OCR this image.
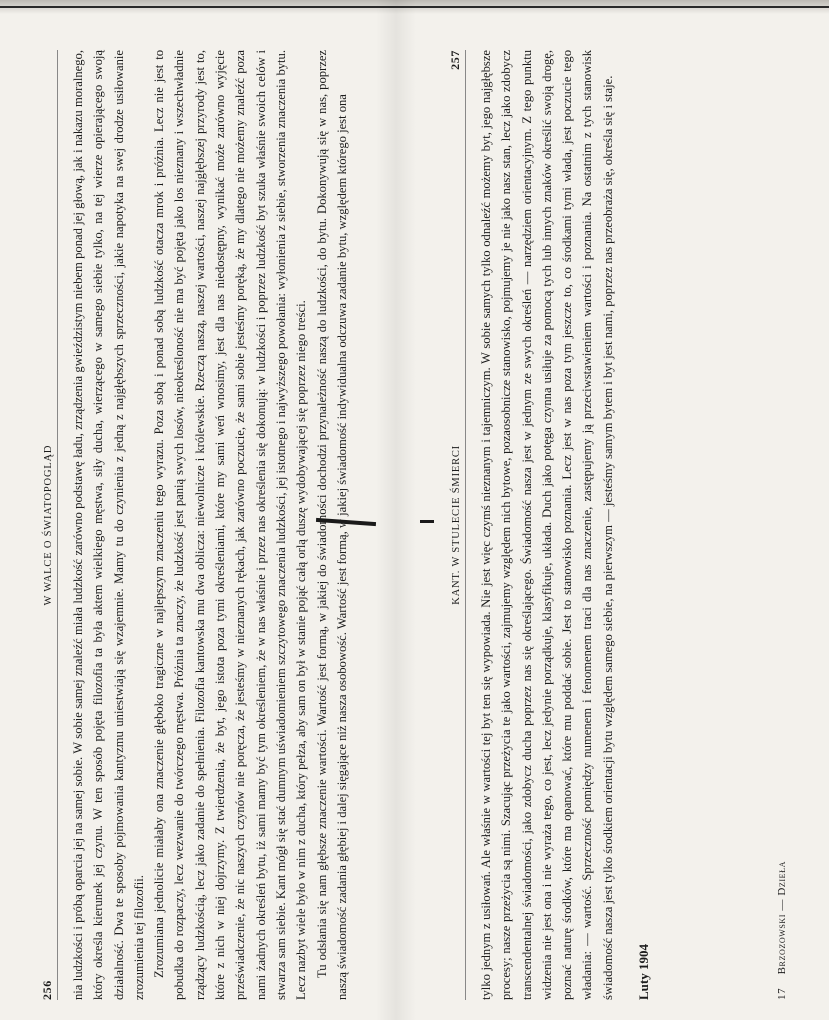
256
W WALCE O ŚWIATOPOGLĄD nia ludzkości i próbą oparcia jej na samej sobie. W sobie samej znaleźć miała ludzkość zarówno podstawę ładu, zrządzenia gwieździstym niebem ponad jej głową, jak i nakazu moralnego, który określa kierunek jej czynu. W ten sposób pojęta filozofia ta była aktem wielkiego męstwa, siły ducha, wierzącego w samego siebie tylko, na tej wierze opierającego swoją działalność. Dwa te sposoby pojmowania kantyzmu uniestwiają się wzajemnie. Mamy tu do czynienia z jedną z najgłębszych sprzeczności, jakie napotyka na swej drodze usiłowanie zrozumienia tej filozofii. Zrozumiana jednolicie miałaby ona znaczenie głęboko tragiczne w najlepszym znaczeniu tego wyrazu. Poza sobą i ponad sobą ludzkość otacza mrok i próżnia. Lecz nie jest to pobudka do rozpaczy, lecz wezwanie do twórczego męstwa. Próżnia ta znaczy, że ludzkość jest panią swych losów, nieokreśloność nie ma być pojęta jako los nieznany i wszechwładnie rządzący ludzkością, lecz jako zadanie do spełnienia. Filozofia kantowska mu dwa oblicza: niewolnicze i królewskie. Rzeczą naszą, naszej wartości, naszej najgłębszej przyrody jest to, które z nich w niej dojrzymy. Z twierdzenia, że byt, jego istota poza tymi określeniami, które my sami weń wnosimy, jest dla nas niedostępny, wynikać może zarówno wyjęcie przeświadczenie, że nic naszych czynów nie poręcza, że jesteśmy w nieznanych rękach, jak zarówno poczucie, że sami sobie jesteśmy poręką, że my dlatego nie możemy znaleźć poza nami żadnych określeń bytu, iż sami mamy być tym określeniem, że w nas właśnie i przez nas określenia się dokonują: w ludzkości i poprzez ludzkość byt szuka właśnie swoich celów i stwarza sam siebie. Kant mógł się stać dumnym uświadomieniem szczytowego znaczenia ludzkości, jej istotnego i najwyższego powołania: wyłonienia z siebie, stworzenia znaczenia bytu. Lecz nazbyt wiele było w nim z ducha, który pełza, aby sam on był w stanie pojąć całą orlą duszę wydobywającej się poprzez niego treści. Tu odsłania się nam głębsze znaczenie wartości. Wartość jest formą, w jakiej do świadomości dochodzi przynależność naszą do ludzkości, do bytu. Dokonywują się w nas, poprzez naszą świadomość zadania głębiej i dalej sięgające niż nasza osobowość. Wartość jest formą, w jakiej świadomość indywidualna odczuwa zadanie bytu, względem którego jest ona	KANT. W STULECIE ŚMIERCI
257 tylko jednym z usiłowań. Ale właśnie w wartości tej byt ten się wypowiada. Nie jest więc czymś nieznanym i tajemniczym. W sobie samych tylko odnaleźć możemy byt, jego najgłębsze procesy; nasze przeżycia są nimi. Szacując przeżycia te jako wartości, zajmujemy względem nich bytowe, pozaosobnicze stanowisko, pojmujemy je nie jako nasz stan, lecz jako zdobycz transcendentalnej świadomości, jako zdobycz ducha poprzez nas się określającego. Świadomość nasza jest w jednym ze swych określeń — narzędziem orientacyjnym. Z tego punktu widzenia nie jest ona i nie wyraża tego, co jest, lecz jedynie porządkuje, klasyfikuje, układa. Duch jako potęga czynna usiłuje za pomocą tych lub innych znaków określić swoją drogę, poznać naturę środków, które ma opanować, które mu poddać sobie. Jest to stanowisko poznania. Lecz jest w nas poza tym jeszcze to, co środkami tymi włada, jest poczucie tego władania: — wartość. Sprzeczność pomiędzy numenem i fenomenem traci dla nas znaczenie, zastępujemy ją przeciwstawieniem wartości i poznania. Na ostatnim z tych stanowisk świadomość nasza jest tylko środkiem orientacji bytu względem samego siebie, na pierwszym — jesteśmy samym bytem i byt jest nami, poprzez nas przeobraża się, określa się i staje. Luty 1904	17    Brzozowski — Dzieła
